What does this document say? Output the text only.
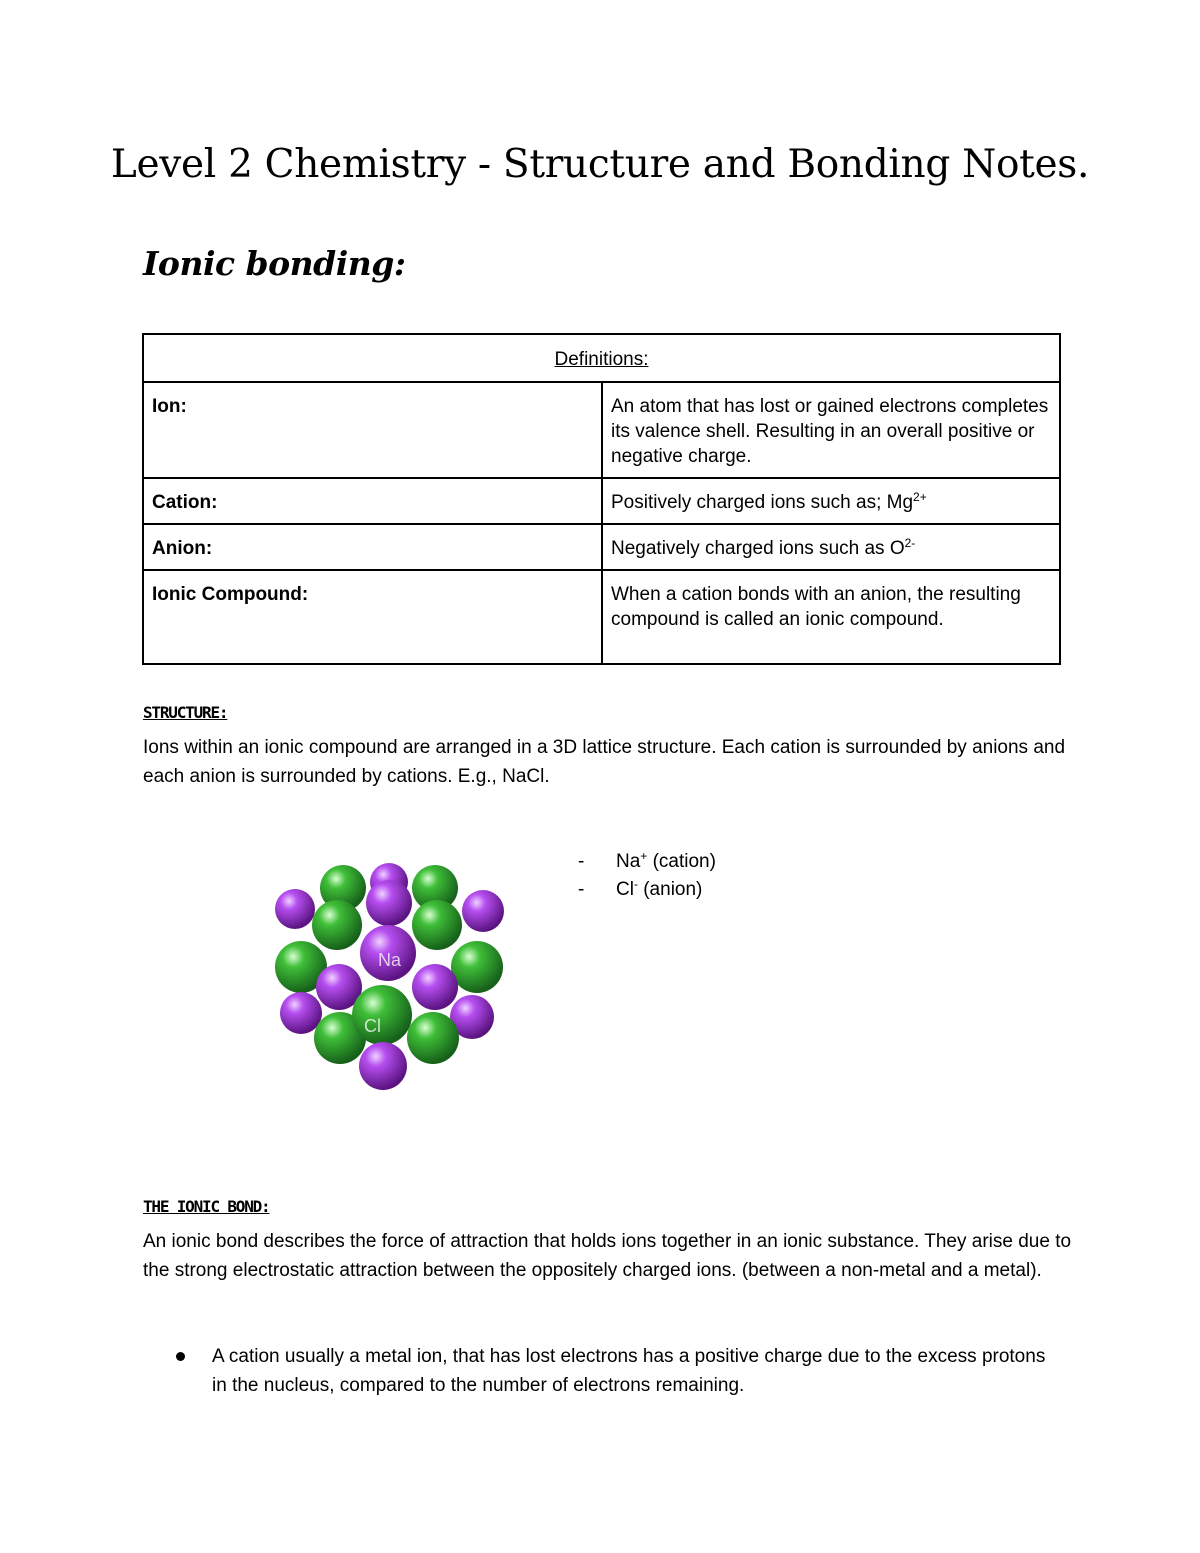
Level 2 Chemistry - Structure and Bonding Notes.
Ionic bonding:
Definitions:	
Ion:	An atom that has lost or gained electrons completes its valence shell. Resulting in an overall positive or negative charge.
Cation:	Positively charged ions such as; $Mg^{2+}$
Anion:	Negatively charged ions such as $O^{2-}$
Ionic Compound:	When a cation bonds with an anion, the resulting compound is called an ionic compound.
STRUCTURE:
Ions within an ionic compound are arranged in a 3D lattice structure. Each cation is surrounded by anions and each anion is surrounded by cations. E.g., NaCl.
Na
Cl
- Na+ (cation)
- Cl- (anion)
THE IONIC BOND:
An ionic bond describes the force of attraction that holds ions together in an ionic substance. They arise due to the strong electrostatic attraction between the oppositely charged ions. (between a non-metal and a metal).
A cation usually a metal ion, that has lost electrons has a positive charge due to the excess protons in the nucleus, compared to the number of electrons remaining.
